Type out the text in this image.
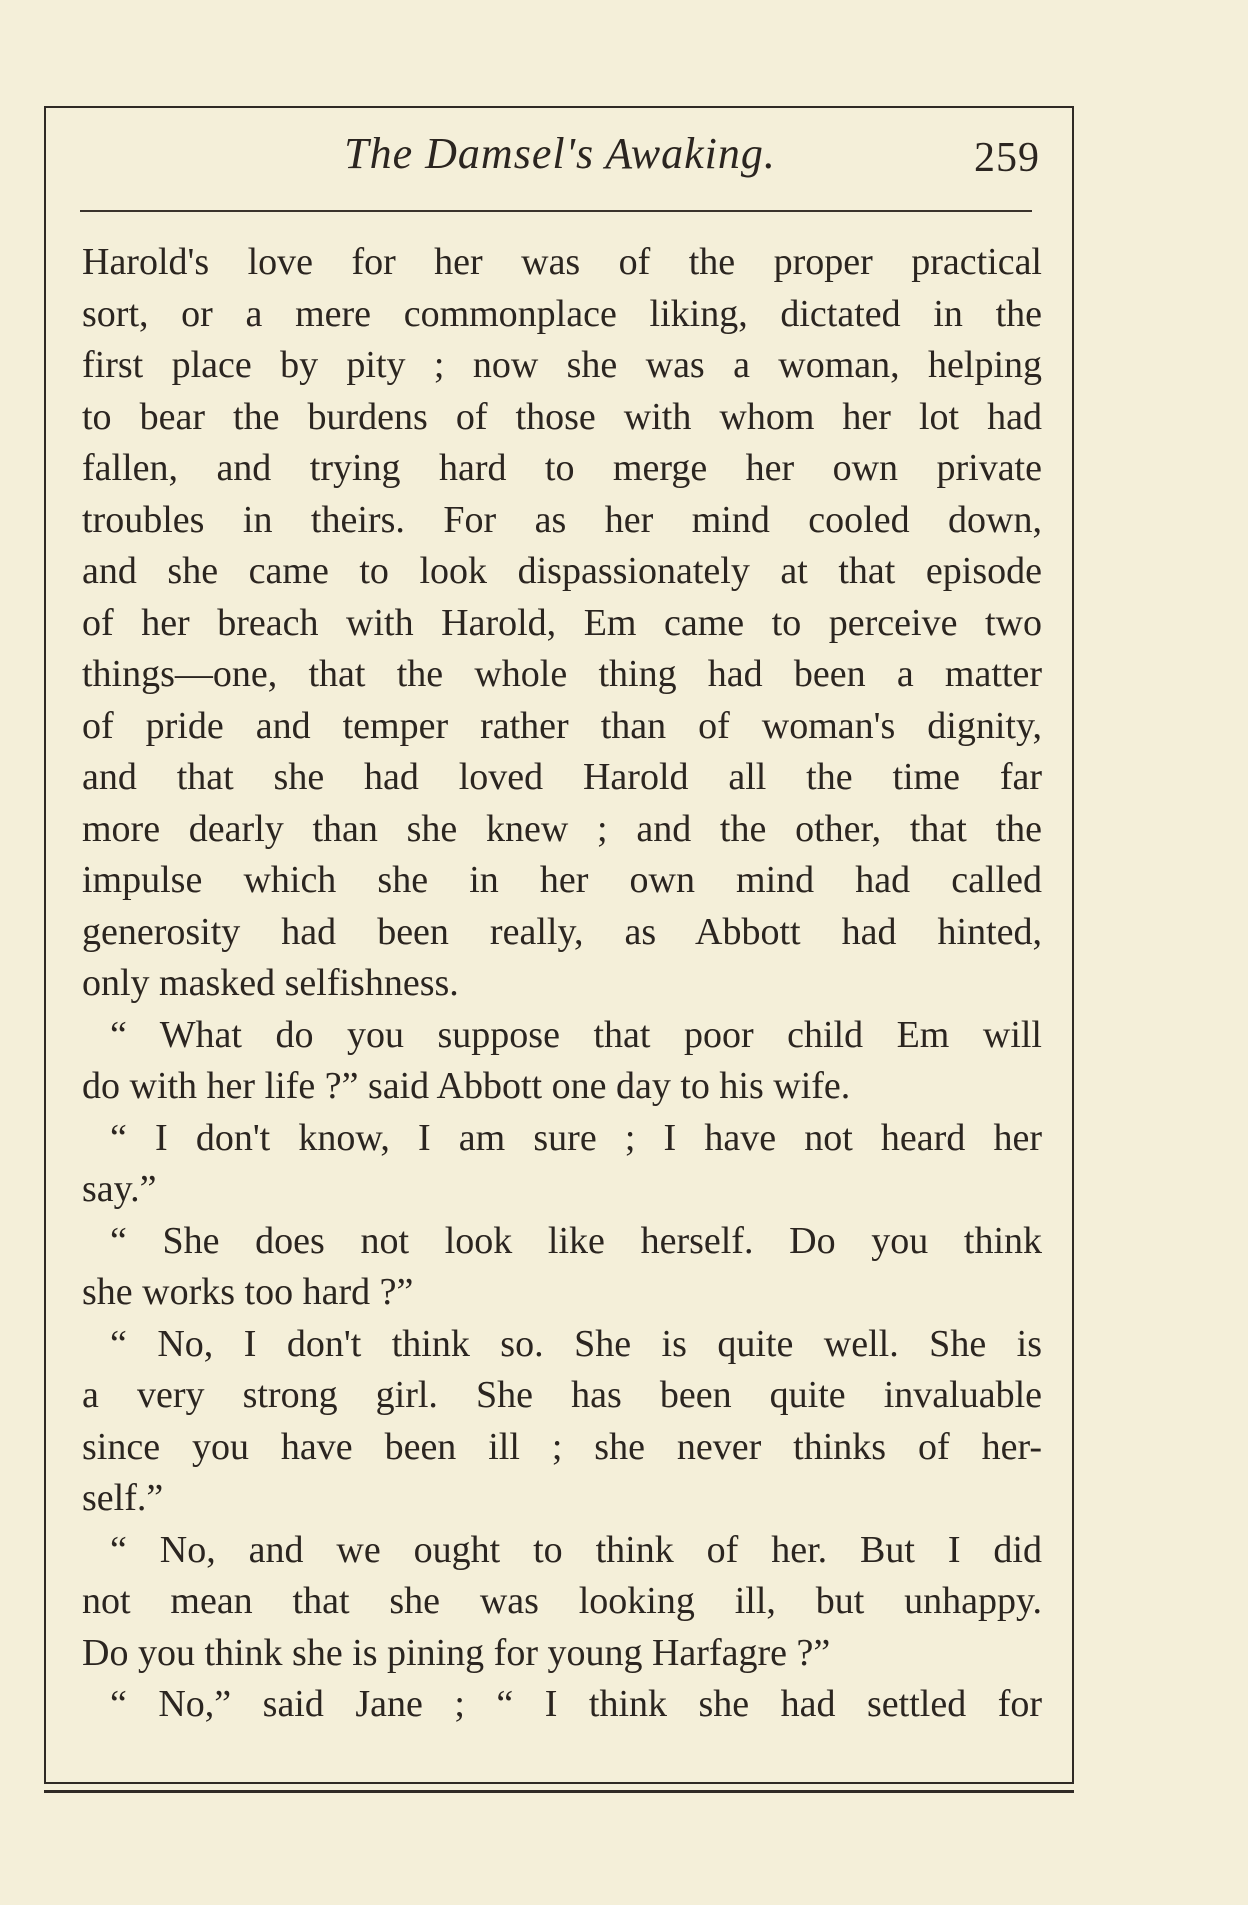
The Damsel's Awaking.	259
Harold's love for her was of the proper practical
sort, or a mere commonplace liking, dictated in the
first place by pity ; now she was a woman, helping
to bear the burdens of those with whom her lot had
fallen, and trying hard to merge her own private
troubles in theirs. For as her mind cooled down,
and she came to look dispassionately at that episode
of her breach with Harold, Em came to perceive two
things—one, that the whole thing had been a matter
of pride and temper rather than of woman's dignity,
and that she had loved Harold all the time far
more dearly than she knew ; and the other, that the
impulse which she in her own mind had called
generosity had been really, as Abbott had hinted,
only masked selfishness.
“ What do you suppose that poor child Em will
do with her life ?” said Abbott one day to his wife.
“ I don't know, I am sure ; I have not heard her
say.”
“ She does not look like herself. Do you think
she works too hard ?”
“ No, I don't think so. She is quite well. She is
a very strong girl. She has been quite invaluable
since you have been ill ; she never thinks of her-
self.”
“ No, and we ought to think of her. But I did
not mean that she was looking ill, but unhappy.
Do you think she is pining for young Harfagre ?”
“ No,” said Jane ; “ I think she had settled for
